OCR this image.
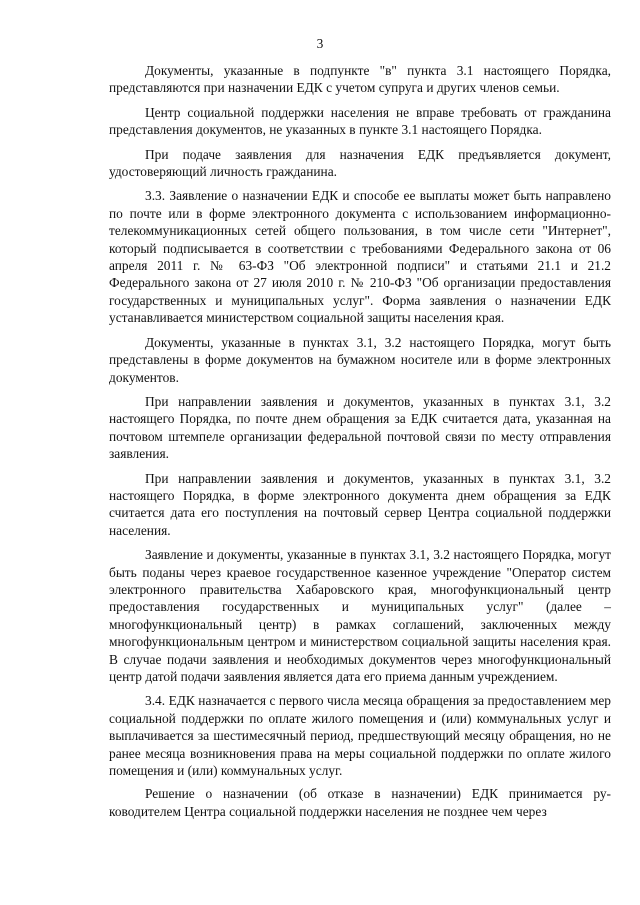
3

Документы, указанные в подпункте "в" пункта 3.1 настоящего Порядка, представляются при назначении ЕДК с учетом супруга и других членов семьи.

Центр социальной поддержки населения не вправе требовать от гражданина представления документов, не указанных в пункте 3.1 настоящего Порядка.

При подаче заявления для назначения ЕДК предъявляется документ, удостоверяющий личность гражданина.

3.3. Заявление о назначении ЕДК и способе ее выплаты может быть направлено по почте или в форме электронного документа с использованием информационно-телекоммуникационных сетей общего пользования, в том числе сети "Интернет", который подписывается в соответствии с требованиями Федерального закона от 06 апреля 2011 г. № 63-ФЗ "Об электронной подписи" и статьями 21.1 и 21.2 Федерального закона от 27 июля 2010 г. № 210-ФЗ "Об организации предоставления государственных и муниципальных услуг". Форма заявления о назначении ЕДК устанавливается министерством социальной защиты населения края.

Документы, указанные в пунктах 3.1, 3.2 настоящего Порядка, могут быть представлены в форме документов на бумажном носителе или в форме электронных документов.

При направлении заявления и документов, указанных в пунктах 3.1, 3.2 настоящего Порядка, по почте днем обращения за ЕДК считается дата, указанная на почтовом штемпеле организации федеральной почтовой связи по месту отправления заявления.

При направлении заявления и документов, указанных в пунктах 3.1, 3.2 настоящего Порядка, в форме электронного документа днем обращения за ЕДК считается дата его поступления на почтовый сервер Центра социальной поддержки населения.

Заявление и документы, указанные в пунктах 3.1, 3.2 настоящего Порядка, могут быть поданы через краевое государственное казенное учреждение "Оператор систем электронного правительства Хабаровского края, многофункциональный центр предоставления государственных и муниципальных услуг" (далее – многофункциональный центр) в рамках соглашений, заключенных между многофункциональным центром и министерством социальной защиты населения края. В случае подачи заявления и необходимых документов через многофункциональный центр датой подачи заявления является дата его приема данным учреждением.

3.4. ЕДК назначается с первого числа месяца обращения за предоставлением мер социальной поддержки по оплате жилого помещения и (или) коммунальных услуг и выплачивается за шестимесячный период, предшествующий месяцу обращения, но не ранее месяца возникновения права на меры социальной поддержки по оплате жилого помещения и (или) коммунальных услуг.

Решение о назначении (об отказе в назначении) ЕДК принимается руководителем Центра социальной поддержки населения не позднее чем через
